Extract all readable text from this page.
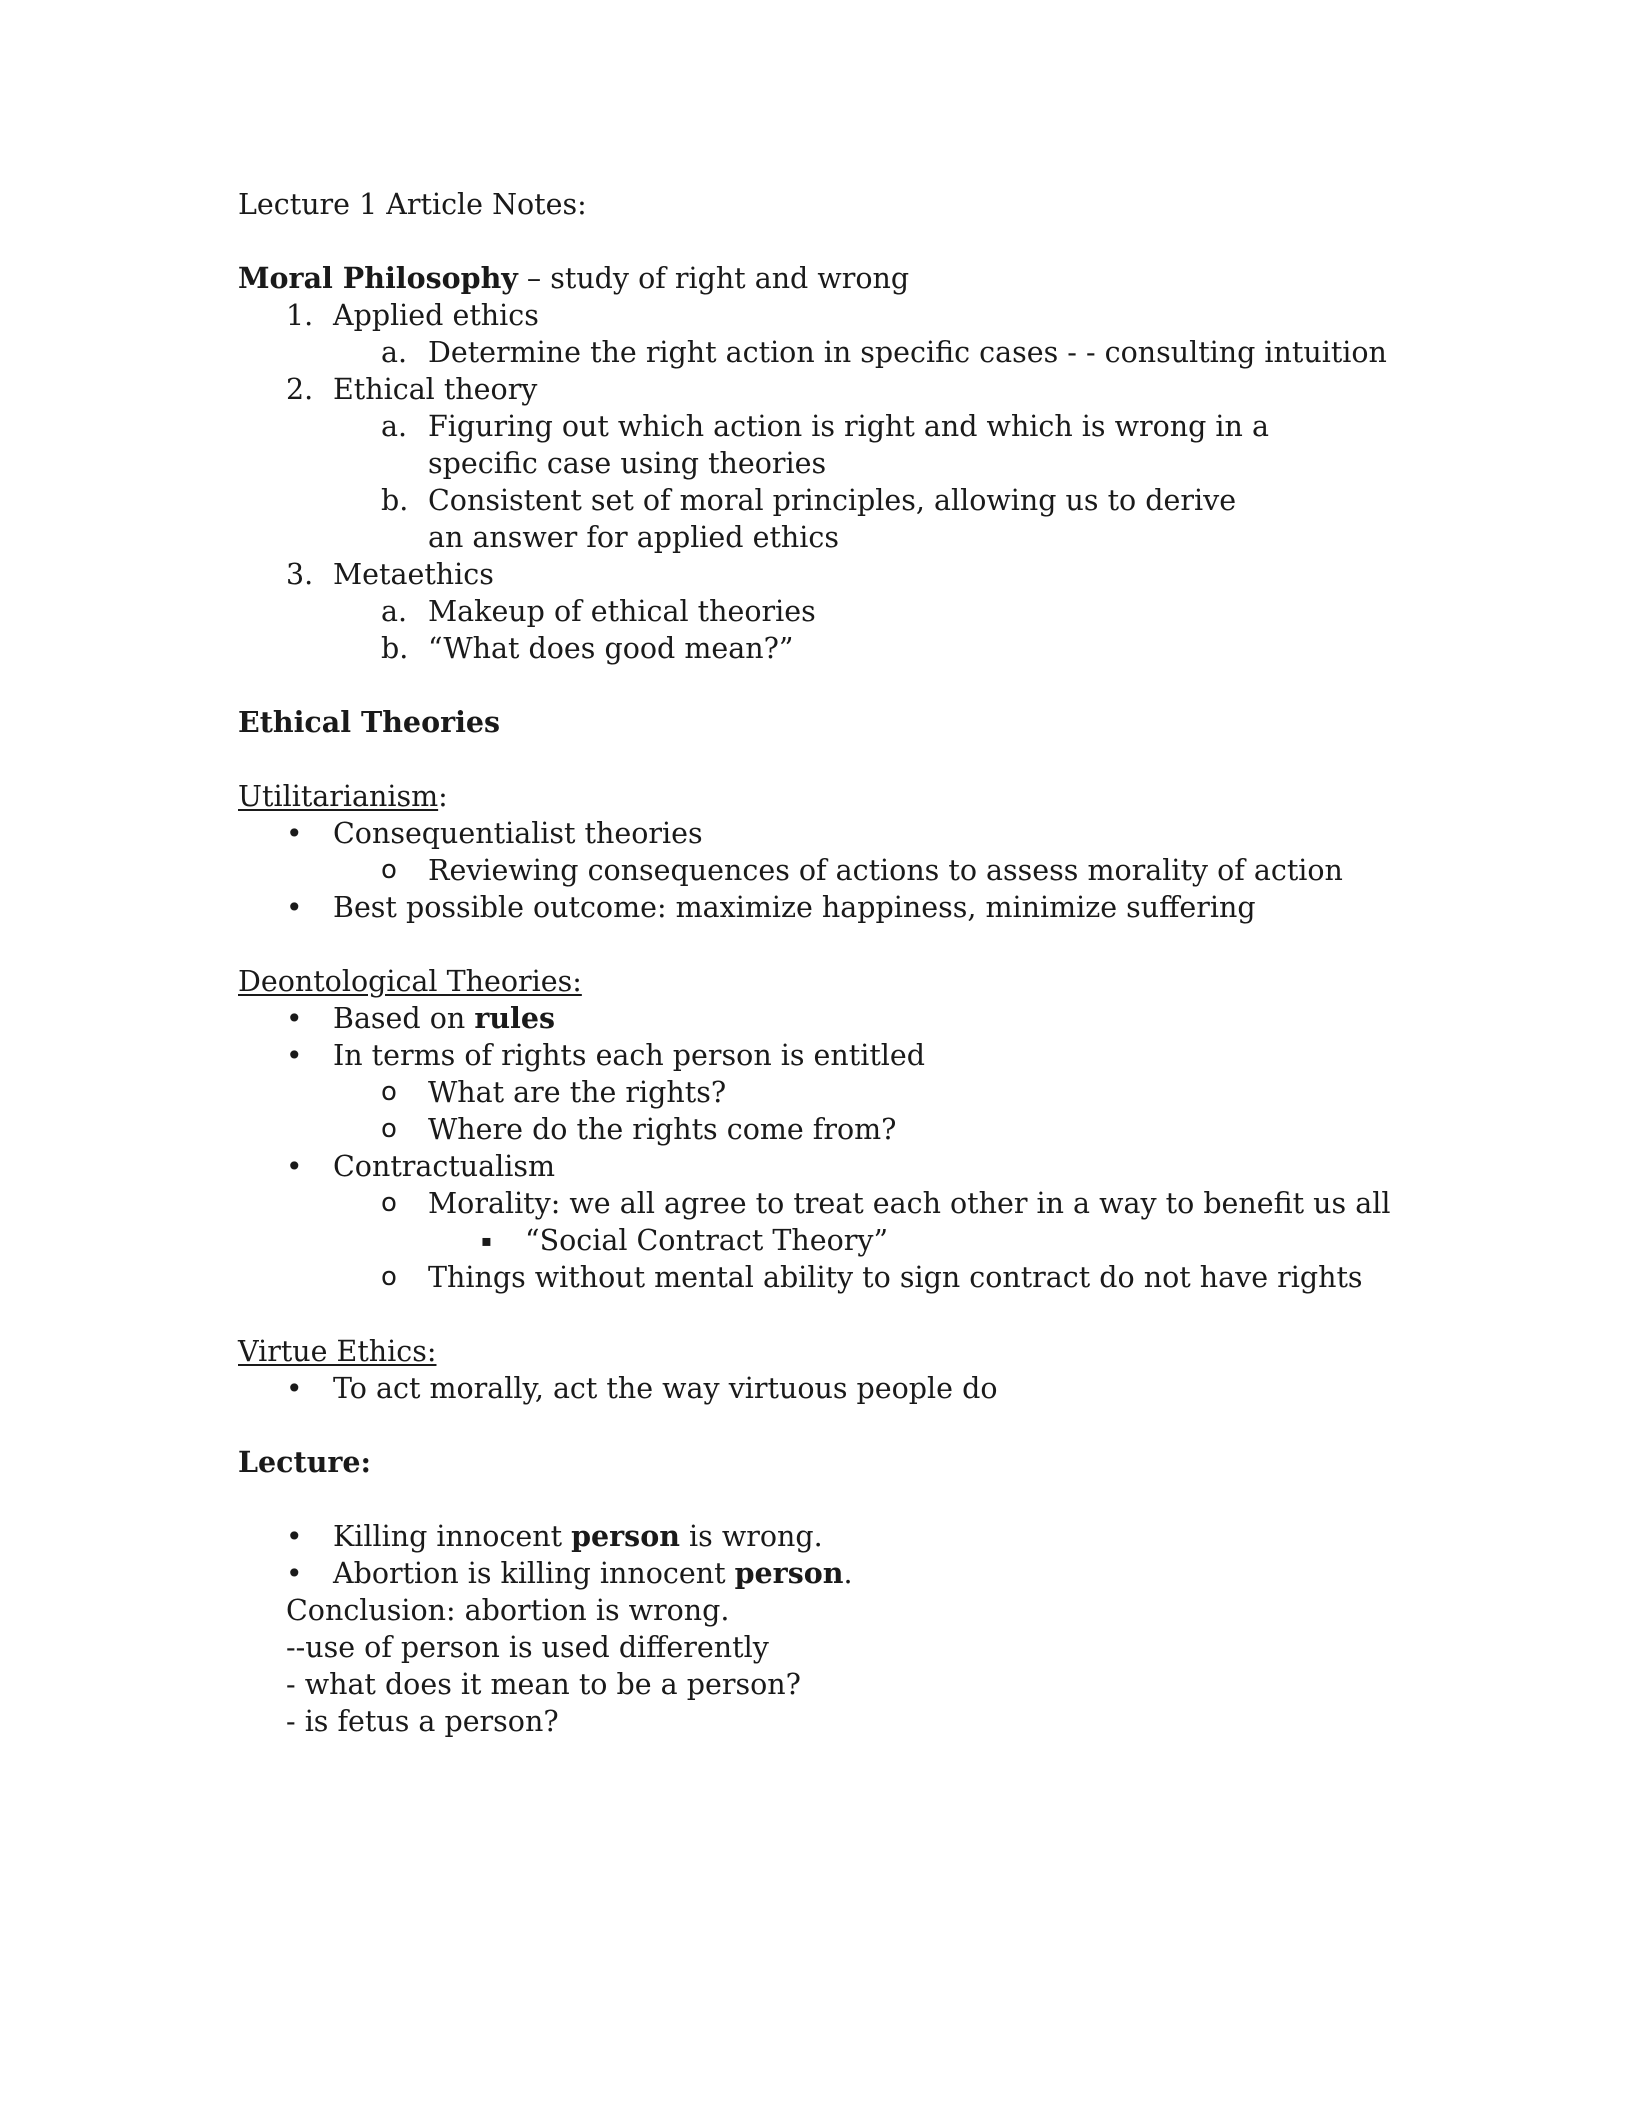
Lecture 1 Article Notes:

Moral Philosophy – study of right and wrong

1. Applied ethics
a. Determine the right action in specific cases - - consulting intuition
2. Ethical theory
a. Figuring out which action is right and which is wrong in a specific case using theories
b. Consistent set of moral principles, allowing us to derive an answer for applied ethics
3. Metaethics
a. Makeup of ethical theories
b. “What does good mean?”

Ethical Theories

Utilitarianism:

• Consequentialist theories
o Reviewing consequences of actions to assess morality of action
• Best possible outcome: maximize happiness, minimize suffering

Deontological Theories:

• Based on rules
• In terms of rights each person is entitled
o What are the rights?
o Where do the rights come from?
• Contractualism
o Morality: we all agree to treat each other in a way to benefit us all
▪ “Social Contract Theory”
o Things without mental ability to sign contract do not have rights

Virtue Ethics:

• To act morally, act the way virtuous people do

Lecture:

• Killing innocent person is wrong.
• Abortion is killing innocent person.

Conclusion: abortion is wrong.

--use of person is used differently

- what does it mean to be a person?

- is fetus a person?
